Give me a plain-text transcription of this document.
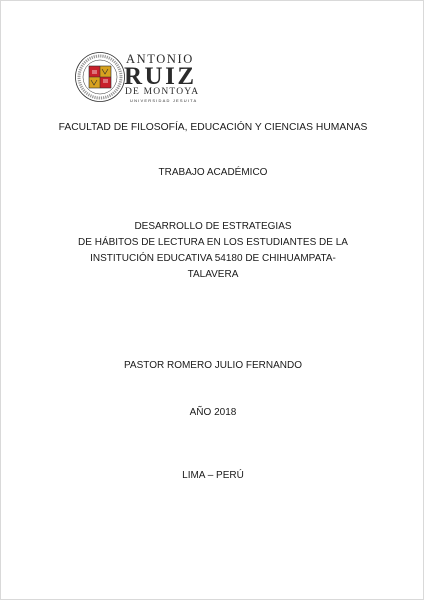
ANTONIO
RUIZ
DE MONTOYA
UNIVERSIDAD JESUITA
FACULTAD DE FILOSOFÍA, EDUCACIÓN Y CIENCIAS HUMANAS
TRABAJO ACADÉMICO
DESARROLLO DE ESTRATEGIAS
DE HÁBITOS DE LECTURA EN LOS ESTUDIANTES DE LA
INSTITUCIÓN EDUCATIVA 54180 DE CHIHUAMPATA-
TALAVERA
PASTOR ROMERO JULIO FERNANDO
AÑO 2018
LIMA – PERÚ
